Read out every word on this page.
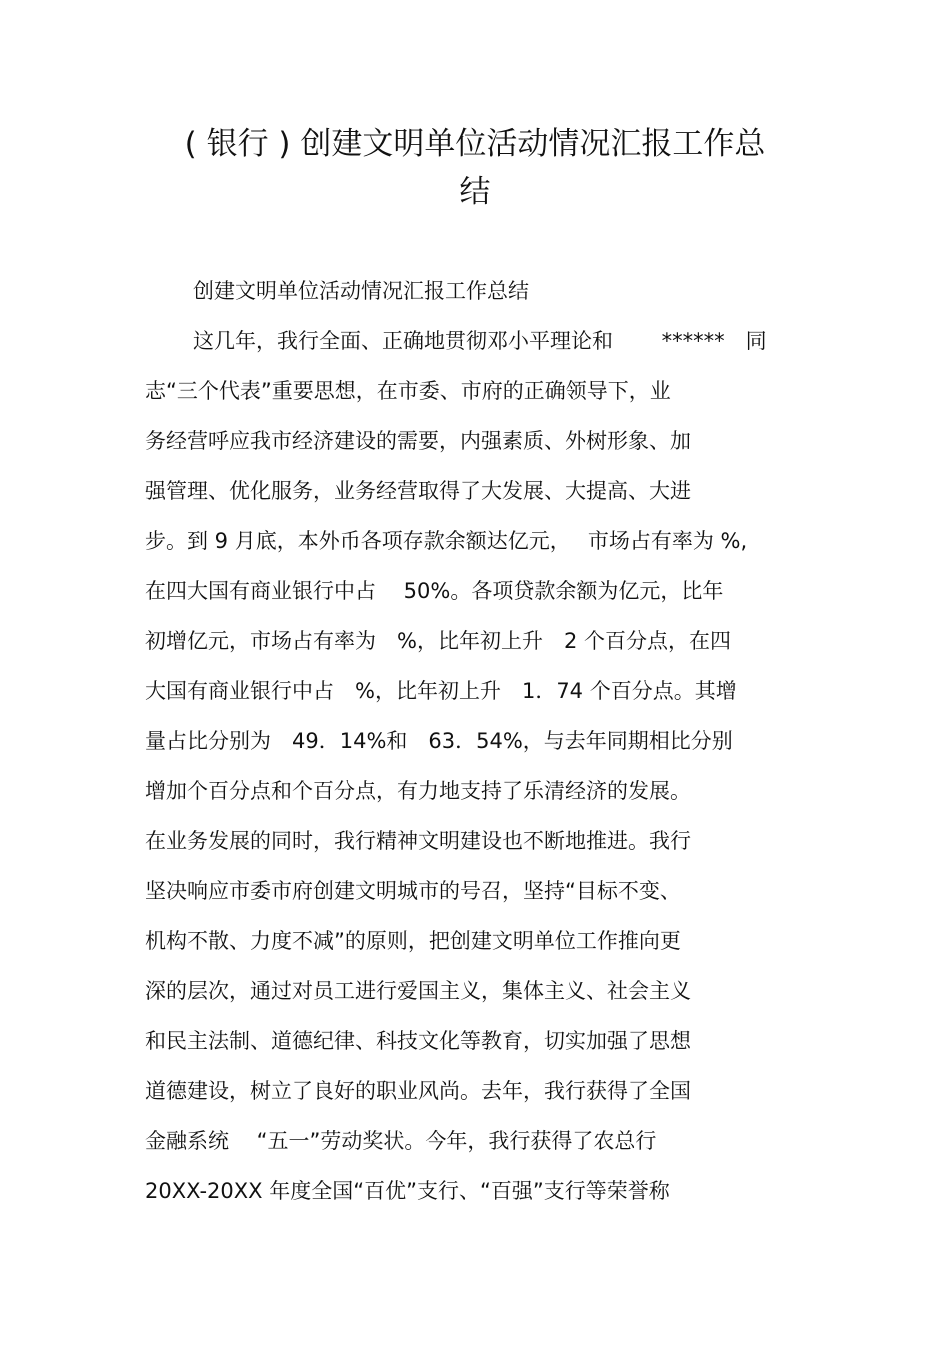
( 银行 ) 创建文明单位活动情况汇报工作总
结
创建文明单位活动情况汇报工作总结
这几年，我行全面、正确地贯彻邓小平理论和　　 ******　同
志“三个代表”重要思想，在市委、市府的正确领导下，业
务经营呼应我市经济建设的需要，内强素质、外树形象、加
强管理、优化服务，业务经营取得了大发展、大提高、大进
步。到 9 月底，本外币各项存款余额达亿元，　 市场占有率为 %,
在四大国有商业银行中占　 50%。各项贷款余额为亿元，比年
初增亿元，市场占有率为　%，比年初上升　2 个百分点，在四
大国有商业银行中占　%，比年初上升　1．74 个百分点。其增
量占比分别为　49．14%和　63．54%，与去年同期相比分别
增加个百分点和个百分点，有力地支持了乐清经济的发展。
在业务发展的同时，我行精神文明建设也不断地推进。我行
坚决响应市委市府创建文明城市的号召，坚持“目标不变、
机构不散、力度不减”的原则，把创建文明单位工作推向更
深的层次，通过对员工进行爱国主义，集体主义、社会主义
和民主法制、道德纪律、科技文化等教育，切实加强了思想
道德建设，树立了良好的职业风尚。去年，我行获得了全国
金融系统　 “五一”劳动奖状。今年，我行获得了农总行
20XX-20XX 年度全国“百优”支行、“百强”支行等荣誉称
